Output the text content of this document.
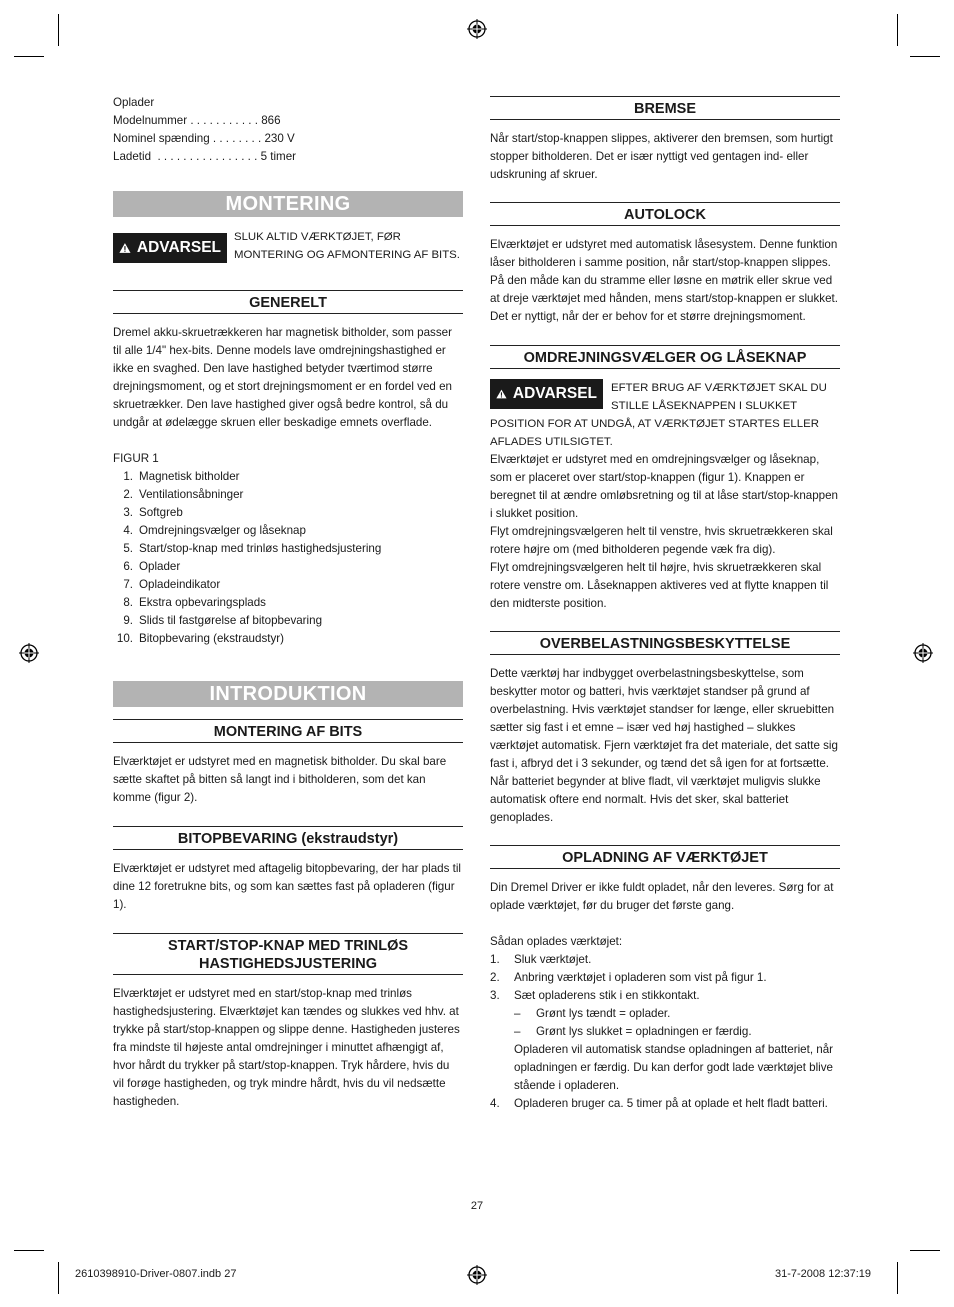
Oplader
Modelnummer . . . . . . . . . . . 866
Nominel spænding . . . . . . . . 230 V
Ladetid  . . . . . . . . . . . . . . . . 5 timer
MONTERING
ADVARSEL
SLUK ALTID VÆRKTØJET, FØR MONTERING OG AFMONTERING AF BITS.
GENERELT

Dremel akku-skruetrækkeren har magnetisk bitholder, som passer til alle 1/4" hex-bits. Denne models lave omdrejningshastighed er ikke en svaghed. Den lave hastighed betyder tværtimod større drejningsmoment, og et stort drejningsmoment er en fordel ved en skruetrækker. Den lave hastighed giver også bedre kontrol, så du undgår at ødelægge skruen eller beskadige emnets overflade.

FIGUR 1
1. Magnetisk bitholder
2. Ventilationsåbninger
3. Softgreb
4. Omdrejningsvælger og låseknap
5. Start/stop-knap med trinløs hastighedsjustering
6. Oplader
7. Opladeindikator
8. Ekstra opbevaringsplads
9. Slids til fastgørelse af bitopbevaring
10. Bitopbevaring (ekstraudstyr)
INTRODUKTION
MONTERING AF BITS

Elværktøjet er udstyret med en magnetisk bitholder. Du skal bare sætte skaftet på bitten så langt ind i bitholderen, som det kan komme (figur 2).

BITOPBEVARING (ekstraudstyr)

Elværktøjet er udstyret med aftagelig bitopbevaring, der har plads til dine 12 foretrukne bits, og som kan sættes fast på opladeren (figur 1).

START/STOP-KNAP MED TRINLØS
HASTIGHEDSJUSTERING

Elværktøjet er udstyret med en start/stop-knap med trinløs hastighedsjustering. Elværktøjet kan tændes og slukkes ved hhv. at trykke på start/stop-knappen og slippe denne. Hastigheden justeres fra mindste til højeste antal omdrejninger i minuttet afhængigt af, hvor hårdt du trykker på start/stop-knappen. Tryk hårdere, hvis du vil forøge hastigheden, og tryk mindre hårdt, hvis du vil nedsætte hastigheden.

BREMSE

Når start/stop-knappen slippes, aktiverer den bremsen, som hurtigt stopper bitholderen. Det er især nyttigt ved gentagen ind- eller udskruning af skruer.

AUTOLOCK

Elværktøjet er udstyret med automatisk låsesystem. Denne funktion låser bitholderen i samme position, når start/stop-knappen slippes. På den måde kan du stramme eller løsne en møtrik eller skrue ved at dreje værktøjet med hånden, mens start/stop-knappen er slukket. Det er nyttigt, når der er behov for et større drejningsmoment.

OMDREJNINGSVÆLGER OG LÅSEKNAP
ADVARSEL EFTER BRUG AF VÆRKTØJET SKAL DU STILLE LÅSEKNAPPEN I SLUKKET POSITION FOR AT UNDGÅ, AT VÆRKTØJET STARTES ELLER AFLADES UTILSIGTET.

Elværktøjet er udstyret med en omdrejningsvælger og låseknap, som er placeret over start/stop-knappen (figur 1). Knappen er beregnet til at ændre omløbsretning og til at låse start/stop-knappen i slukket position.

Flyt omdrejningsvælgeren helt til venstre, hvis skruetrækkeren skal rotere højre om (med bitholderen pegende væk fra dig).

Flyt omdrejningsvælgeren helt til højre, hvis skruetrækkeren skal rotere venstre om. Låseknappen aktiveres ved at flytte knappen til den midterste position.

OVERBELASTNINGSBESKYTTELSE

Dette værktøj har indbygget overbelastningsbeskyttelse, som beskytter motor og batteri, hvis værktøjet standser på grund af overbelastning. Hvis værktøjet standser for længe, eller skruebitten sætter sig fast i et emne – især ved høj hastighed – slukkes værktøjet automatisk. Fjern værktøjet fra det materiale, det satte sig fast i, afbryd det i 3 sekunder, og tænd det så igen for at fortsætte. Når batteriet begynder at blive fladt, vil værktøjet muligvis slukke automatisk oftere end normalt. Hvis det sker, skal batteriet genoplades.

OPLADNING AF VÆRKTØJET

Din Dremel Driver er ikke fuldt opladet, når den leveres. Sørg for at oplade værktøjet, før du bruger det første gang.

Sådan oplades værktøjet:
1. Sluk værktøjet.
2. Anbring værktøjet i opladeren som vist på figur 1.
3. Sæt opladerens stik i en stikkontakt.
–	Grønt lys tændt = oplader.
–	Grønt lys slukket = opladningen er færdig.
Opladeren vil automatisk standse opladningen af batteriet, når opladningen er færdig. Du kan derfor godt lade værktøjet blive stående i opladeren.
4. Opladeren bruger ca. 5 timer på at oplade et helt fladt batteri.
27
2610398910-Driver-0807.indb 27	31-7-2008 12:37:19
